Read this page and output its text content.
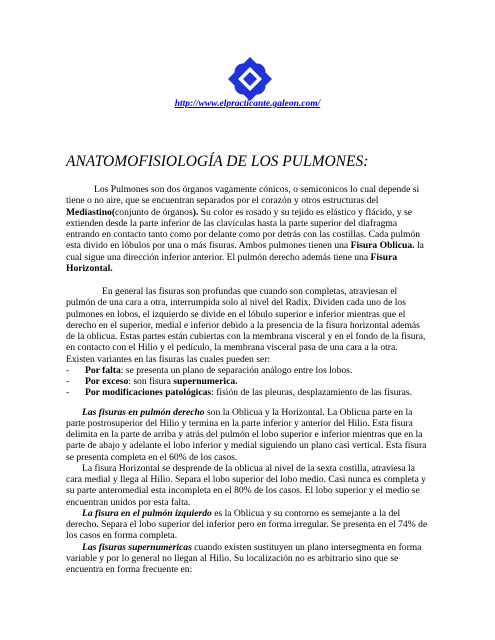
http://www.elpracticante.galeon.com/
ANATOMOFISIOLOGÍA DE LOS PULMONES:

Los Pulmones son dos órganos vagamente cónicos, o semiconicos lo cual depende si tiene o no aire, que se encuentran separados por el corazón y otros estructuras del Mediastino(conjunto de órganos). Su color es rosado y su tejido es elástico y flácido, y se extienden desde la parte inferior de las clavículas hasta la parte superior del diafragma entrando en contacto tanto como por delante como por detrás con las costillas. Cada pulmón esta divido en lóbulos por una o más fisuras. Ambos pulmones tienen una Fisura Oblicua. la cual sigue una dirección inferior anterior. El pulmón derecho además tiene una Fisura Horizontal.

En general las fisuras son profundas que cuando son completas, atraviesan el pulmón de una cara a otra, interrumpida solo al nivel del Radix. Dividen cada uno de los pulmones en lobos, el izquierdo se divide en el lóbulo superior e inferior mientras que el derecho en el superior, medial e inferior debido a la presencia de la fisura horizontal además de la oblicua. Estas partes están cubiertas con la membrana visceral y en el fondo de la fisura, en contacto con el Hilio y el pedículo, la membrana visceral pasa de una cara a la otra. Existen variantes en las fisuras las cuales pueden ser:

- Por falta: se presenta un plano de separación análogo entre los lobos.
- Por exceso: son fisura supernumerica.
- Por modificaciones patológicas: fisión de las pleuras, desplazamiento de las fisuras.

Las fisuras en pulmón derecho son la Oblicua y la Horizontal. La Oblicua parte en la parte postrosuperior del Hilio y termina en la parte inferior y anterior del Hilio. Esta fisura delimita en la parte de arriba y atrás del pulmón el lobo superior e inferior mientras que en la parte de abajo y adelante el lobo inferior y medial siguiendo un plano casi vertical. Esta fisura se presenta completa en el 60% de los casos.

La fisura Horizontal se desprende de la oblicua al nivel de la sexta costilla, atraviesa la cara medial y llega al Hilio. Separa el lobo superior del lobo medio. Casi nunca es completa y su parte anteromedial esta incompleta en el 80% de los casos. El lobo superior y el medio se encuentran unidos por esta falta.

La fisura en el pulmón izquierdo es la Oblicua y su contorno es semejante a la del derecho. Separa el lobo superior del inferior pero en forma irregular. Se presenta en el 74% de los casos en forma completa.

Las fisuras supernumericas cuando existen sustituyen un plano intersegmenta en forma variable y por lo general no llegan al Hilio. Su localización no es arbitrario sino que se encuentra en forma frecuente en:
